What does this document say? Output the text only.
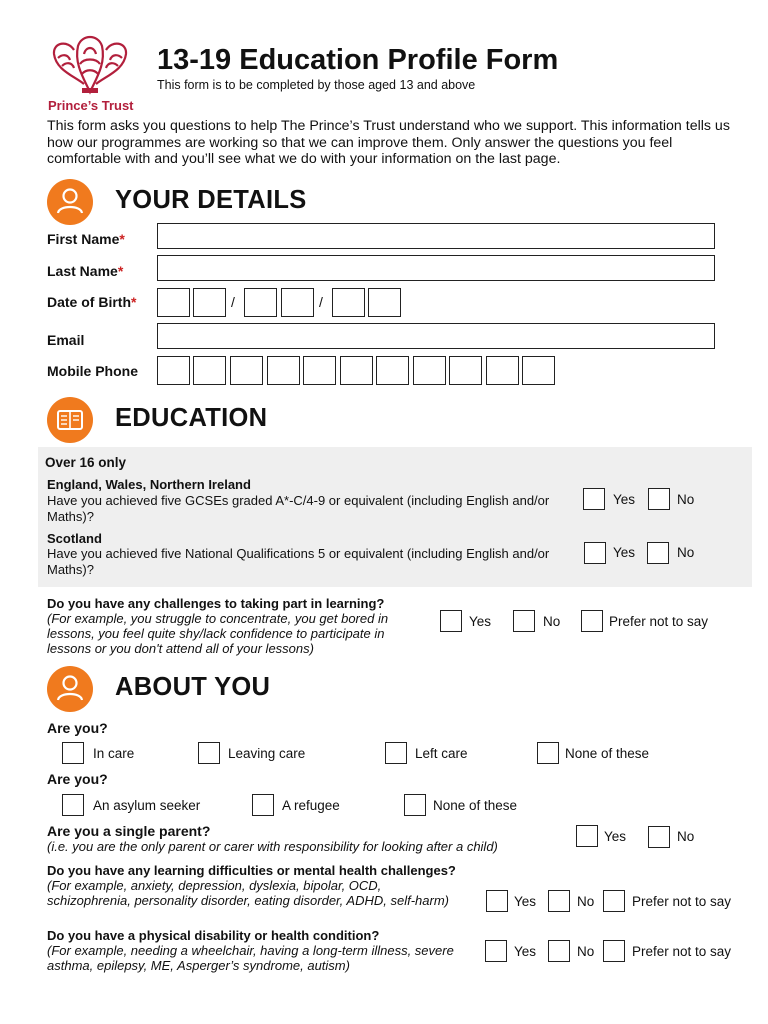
Prince’s Trust
13-19 Education Profile Form
This form is to be completed by those aged 13 and above
This form asks you questions to help The Prince’s Trust understand who we support. This information tells us how our programmes are working so that we can improve them. Only answer the questions you feel comfortable with and you’ll see what we do with your information on the last page.
YOUR DETAILS
First Name*
Last Name*
Date of Birth*	/	/
Email
Mobile Phone
EDUCATION
Over 16 only
England, Wales, Northern Ireland
Have you achieved five GCSEs graded A*-C/4-9 or equivalent (including English and/or Maths)?
Yes	No
Scotland
Have you achieved five National Qualifications 5 or equivalent (including English and/or Maths)?
Yes	No
Do you have any challenges to taking part in learning?
(For example, you struggle to concentrate, you get bored in lessons, you feel quite shy/lack confidence to participate in lessons or you don't attend all of your lessons)
Yes	No	Prefer not to say
ABOUT YOU
Are you?
In care	Leaving care	Left care	None of these
Are you?
An asylum seeker	A refugee	None of these
Are you a single parent?
(i.e. you are the only parent or carer with responsibility for looking after a child)
Yes	No
Do you have any learning difficulties or mental health challenges?
(For example, anxiety, depression, dyslexia, bipolar, OCD, schizophrenia, personality disorder, eating disorder, ADHD, self-harm)	Yes	No	Prefer not to say
Do you have a physical disability or health condition?
(For example, needing a wheelchair, having a long-term illness, severe asthma, epilepsy, ME, Asperger’s syndrome, autism)
Yes	No	Prefer not to say
